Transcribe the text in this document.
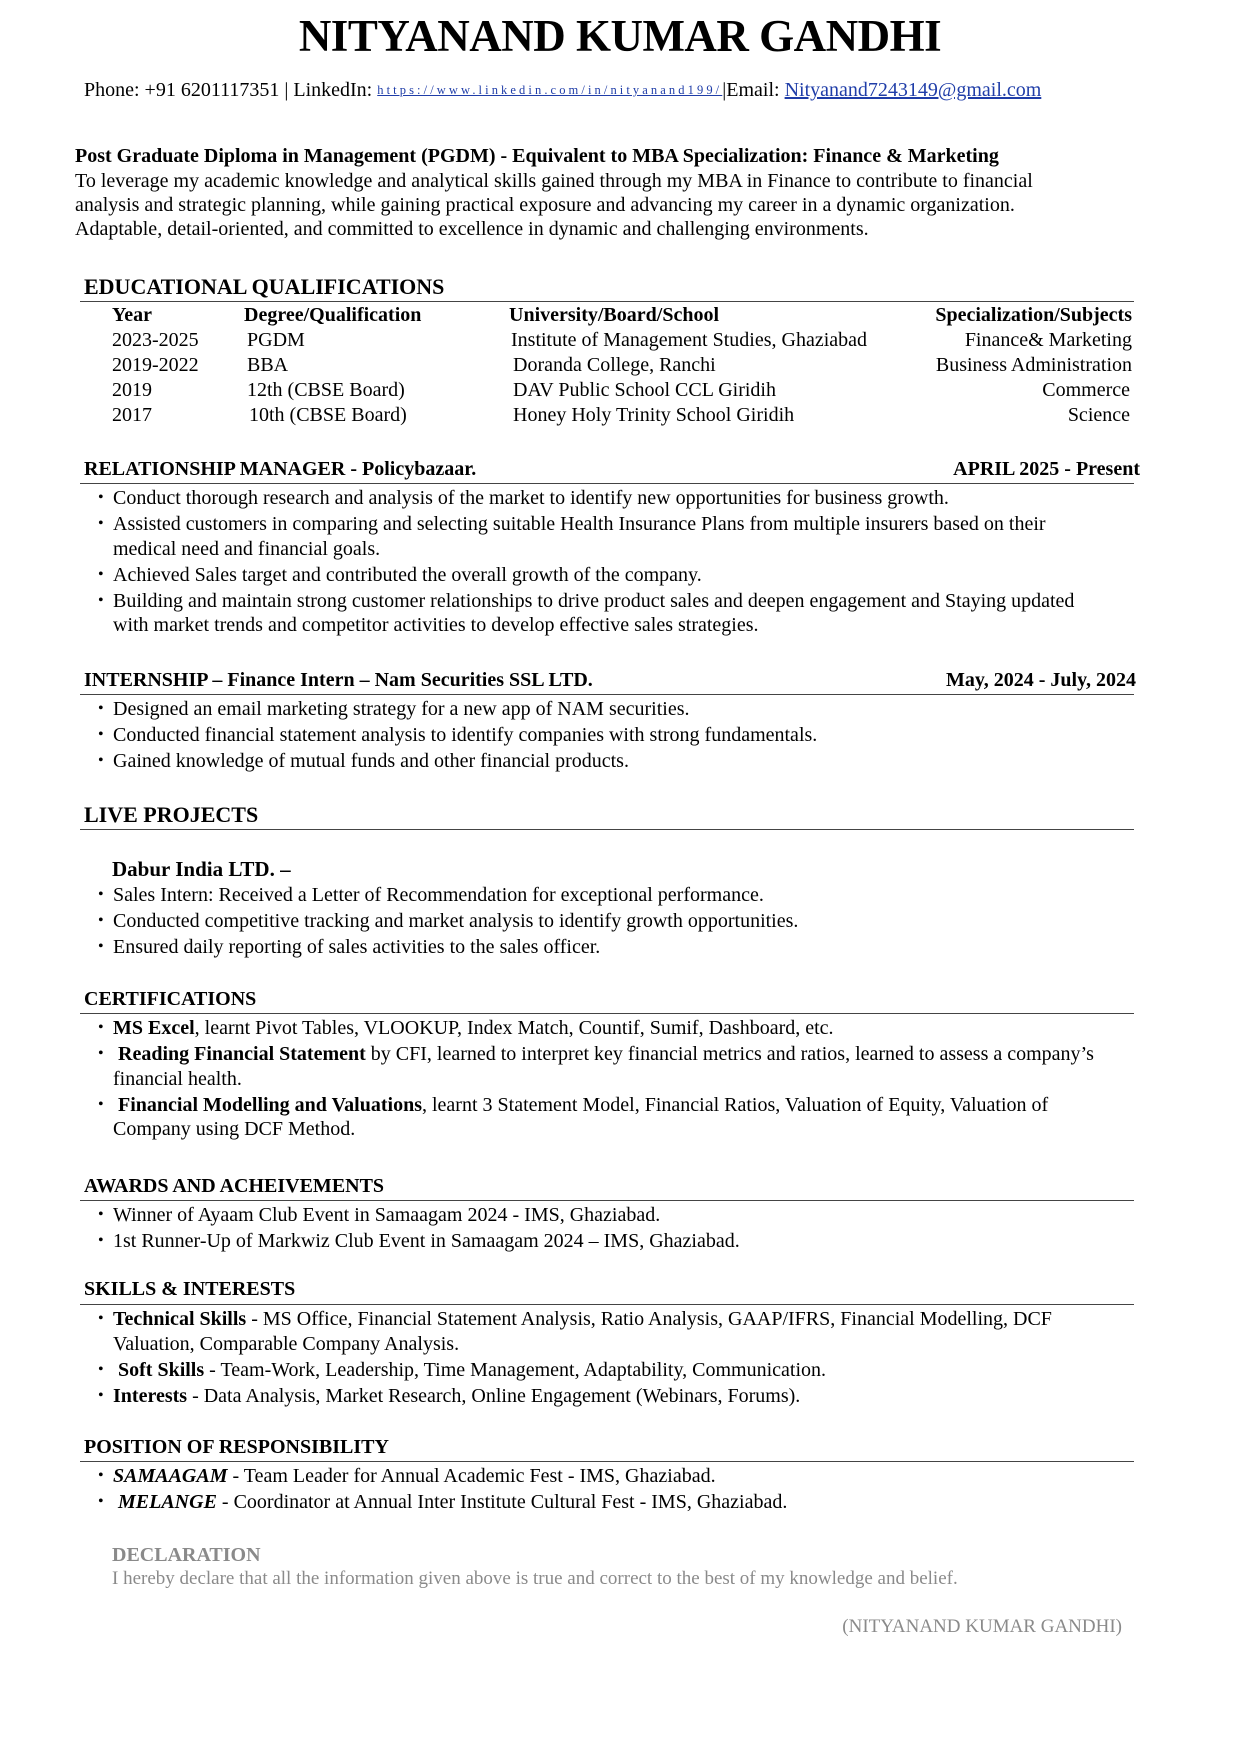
NITYANAND KUMAR GANDHI
Phone: +91 6201117351 | LinkedIn: https://www.linkedin.com/in/nityanand199/|Email: Nityanand7243149@gmail.com
Post Graduate Diploma in Management (PGDM) - Equivalent to MBA Specialization: Finance & Marketing
To leverage my academic knowledge and analytical skills gained through my MBA in Finance to contribute to financial
analysis and strategic planning, while gaining practical exposure and advancing my career in a dynamic organization.
Adaptable, detail-oriented, and committed to excellence in dynamic and challenging environments.
EDUCATIONAL QUALIFICATIONS
Year	Degree/Qualification	University/Board/School	Specialization/Subjects
2023-2025 PGDM	Institute of Management Studies, Ghaziabad	Finance& Marketing
2019-2022 BBA	Doranda College, Ranchi	Business Administration
2019	12th (CBSE Board)	DAV Public School CCL Giridih	Commerce
2017	10th (CBSE Board)	Honey Holy Trinity School Giridih	Science
RELATIONSHIP MANAGER - Policybazaar.	APRIL 2025 - Present
• Conduct thorough research and analysis of the market to identify new opportunities for business growth.
• Assisted customers in comparing and selecting suitable Health Insurance Plans from multiple insurers based on their
medical need and financial goals.
• Achieved Sales target and contributed the overall growth of the company.
• Building and maintain strong customer relationships to drive product sales and deepen engagement and Staying updated
with market trends and competitor activities to develop effective sales strategies.
INTERNSHIP – Finance Intern – Nam Securities SSL LTD.	May, 2024 - July, 2024
• Designed an email marketing strategy for a new app of NAM securities.
• Conducted financial statement analysis to identify companies with strong fundamentals.
• Gained knowledge of mutual funds and other financial products.
LIVE PROJECTS
Dabur India LTD. –
• Sales Intern: Received a Letter of Recommendation for exceptional performance.
• Conducted competitive tracking and market analysis to identify growth opportunities.
• Ensured daily reporting of sales activities to the sales officer.
CERTIFICATIONS
• MS Excel, learnt Pivot Tables, VLOOKUP, Index Match, Countif, Sumif, Dashboard, etc.
• Reading Financial Statement by CFI, learned to interpret key financial metrics and ratios, learned to assess a company’s
financial health.
• Financial Modelling and Valuations, learnt 3 Statement Model, Financial Ratios, Valuation of Equity, Valuation of
Company using DCF Method.
AWARDS AND ACHEIVEMENTS
• Winner of Ayaam Club Event in Samaagam 2024 - IMS, Ghaziabad.
• 1st Runner-Up of Markwiz Club Event in Samaagam 2024 – IMS, Ghaziabad.
SKILLS & INTERESTS
• Technical Skills - MS Office, Financial Statement Analysis, Ratio Analysis, GAAP/IFRS, Financial Modelling, DCF
Valuation, Comparable Company Analysis.
• Soft Skills - Team-Work, Leadership, Time Management, Adaptability, Communication.
• Interests - Data Analysis, Market Research, Online Engagement (Webinars, Forums).
POSITION OF RESPONSIBILITY
• SAMAAGAM - Team Leader for Annual Academic Fest - IMS, Ghaziabad.
• MELANGE - Coordinator at Annual Inter Institute Cultural Fest - IMS, Ghaziabad.
DECLARATION
I hereby declare that all the information given above is true and correct to the best of my knowledge and belief.
(NITYANAND KUMAR GANDHI)
